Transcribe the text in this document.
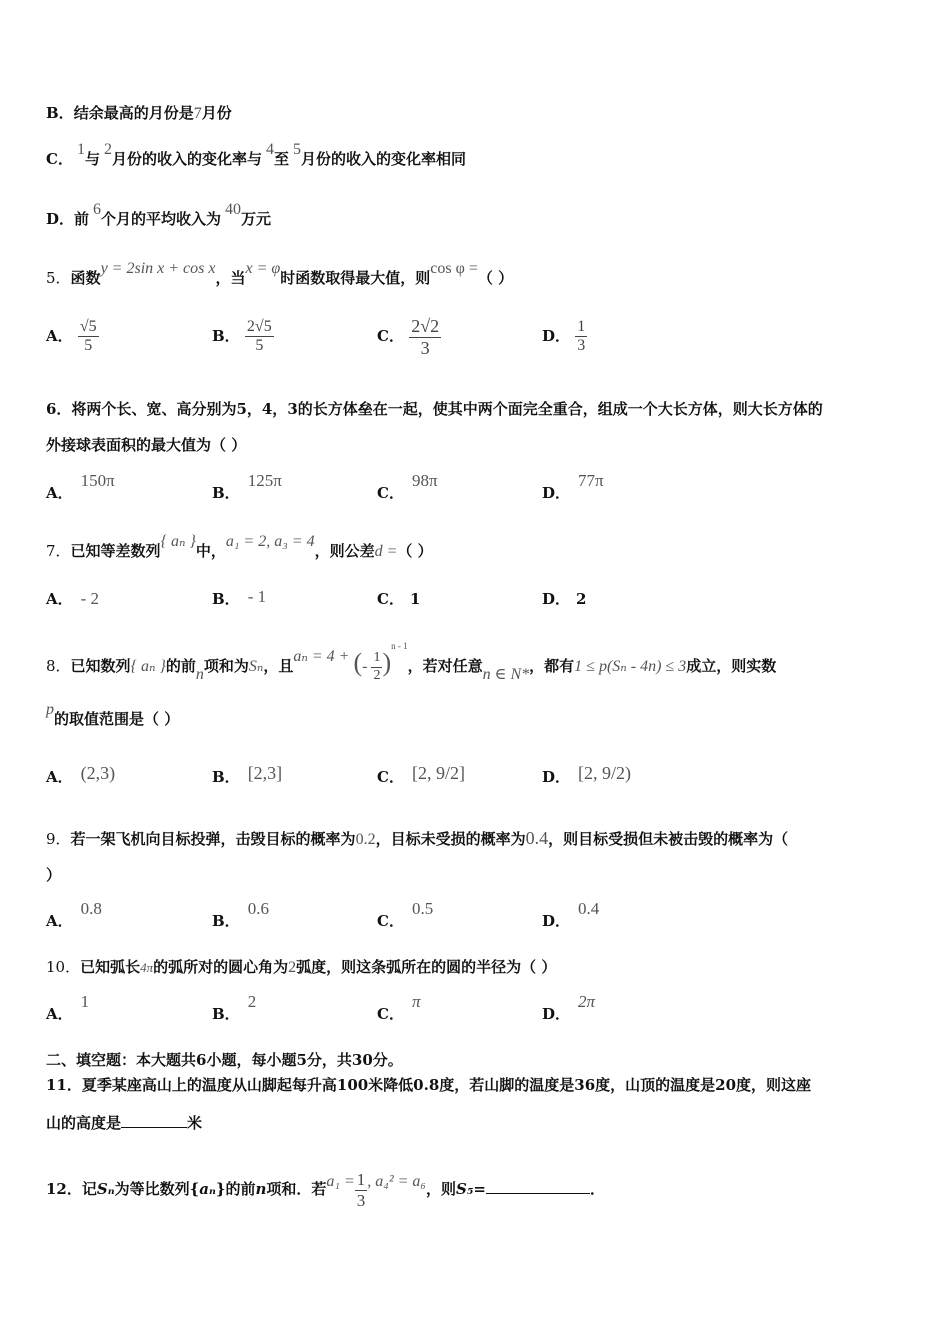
B．结余最高的月份是7月份
C．1与2月份的收入的变化率与4至5月份的收入的变化率相同
D．前6个月的平均收入为40万元
5．函数y = 2sin x + cos x，当x = φ时函数取得最大值，则cos φ =（ ）
A． $\frac{√5}{5}$	B． $\frac{2√5}{5}$	C． $\frac{2√2}{3}$	D． $\frac{1}{3}$
6．将两个长、宽、高分别为5，4，3的长方体垒在一起，使其中两个面完全重合，组成一个大长方体，则大长方体的
外接球表面积的最大值为（ ）
A．150π
B．125π
C．98π
D．77π
7．已知等差数列{ aₙ }中，a₁ = 2, a₃ = 4，则公差d =（ ）
A． - 2	B． - 1	C． 1	D． 2
8．已知数列{ aₙ }的前n项和为Sₙ，且aₙ = 4 + (- $\frac{1}{2} )^{n - 1}$，若对任意n ∈ N*，都有1 ≤ p(Sₙ - 4n) ≤ 3成立，则实数
p的取值范围是（ ）
A． (2,3)	B． [2,3]	C． [2, 9/2]	D． [2, 9/2)
9．若一架飞机向目标投弹，击毁目标的概率为0.2，目标未受损的概率为0.4，则目标受损但未被击毁的概率为（
）
A．0.8
B．0.6
C．0.5
D．0.4
10．已知弧长4π的弧所对的圆心角为2弧度，则这条弧所在的圆的半径为（ ）
A．1
B．2
C．π
D．2π
二、填空题：本大题共6小题，每小题5分，共30分。
11．夏季某座高山上的温度从山脚起每升高100米降低0.8度，若山脚的温度是36度，山顶的温度是20度，则这座
山的高度是	米
12．记Sₙ为等比数列{aₙ}的前n项和．若$a_1 = \frac{1}{3}$ , a₄² = a₆，则S₅=	．
